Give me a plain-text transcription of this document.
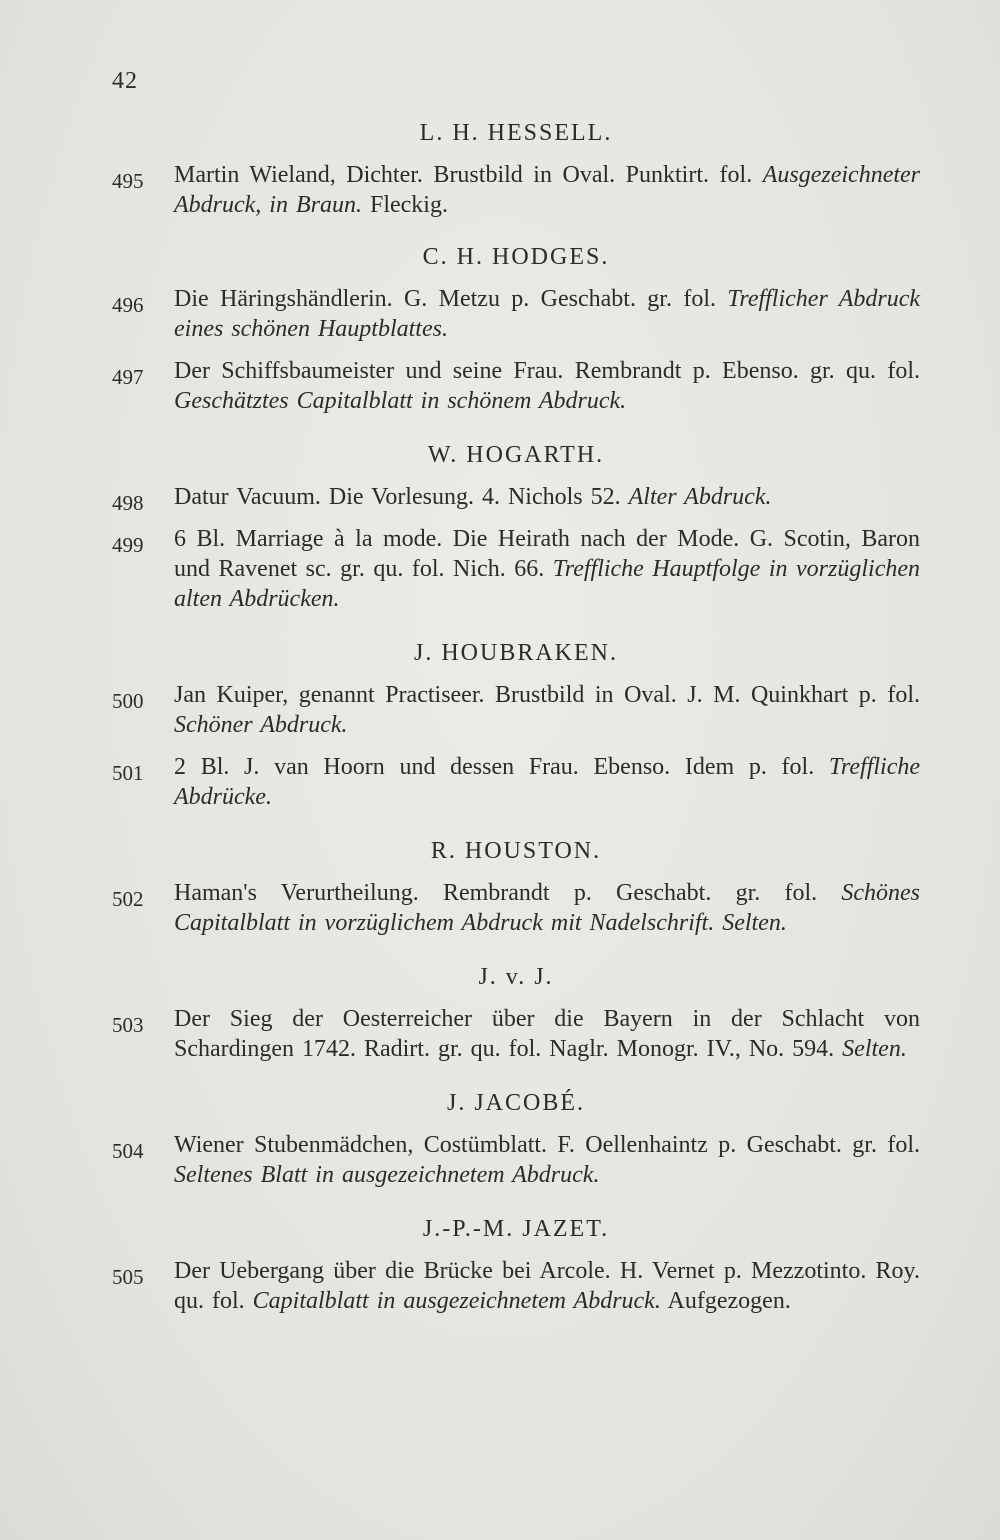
42

L. H. HESSELL.

495 Martin Wieland, Dichter. Brustbild in Oval. Punktirt. fol. Ausgezeichneter Abdruck, in Braun. Fleckig.

C. H. HODGES.

496 Die Häringshändlerin. G. Metzu p. Geschabt. gr. fol. Trefflicher Abdruck eines schönen Hauptblattes.

497 Der Schiffsbaumeister und seine Frau. Rembrandt p. Ebenso. gr. qu. fol. Geschätztes Capitalblatt in schönem Abdruck.

W. HOGARTH.

498 Datur Vacuum. Die Vorlesung. 4. Nichols 52. Alter Abdruck.

499 6 Bl. Marriage à la mode. Die Heirath nach der Mode. G. Scotin, Baron und Ravenet sc. gr. qu. fol. Nich. 66. Treffliche Hauptfolge in vorzüglichen alten Abdrücken.

J. HOUBRAKEN.

500 Jan Kuiper, genannt Practiseer. Brustbild in Oval. J. M. Quinkhart p. fol. Schöner Abdruck.

501 2 Bl. J. van Hoorn und dessen Frau. Ebenso. Idem p. fol. Treffliche Abdrücke.

R. HOUSTON.

502 Haman's Verurtheilung. Rembrandt p. Geschabt. gr. fol. Schönes Capitalblatt in vorzüglichem Abdruck mit Nadelschrift. Selten.

J. v. J.

503 Der Sieg der Oesterreicher über die Bayern in der Schlacht von Schardingen 1742. Radirt. gr. qu. fol. Naglr. Monogr. IV., No. 594. Selten.

J. JACOBÉ.

504 Wiener Stubenmädchen, Costümblatt. F. Oellenhaintz p. Geschabt. gr. fol. Seltenes Blatt in ausgezeichnetem Abdruck.

J.-P.-M. JAZET.

505 Der Uebergang über die Brücke bei Arcole. H. Vernet p. Mezzotinto. Roy. qu. fol. Capitalblatt in ausgezeichnetem Abdruck. Aufgezogen.
